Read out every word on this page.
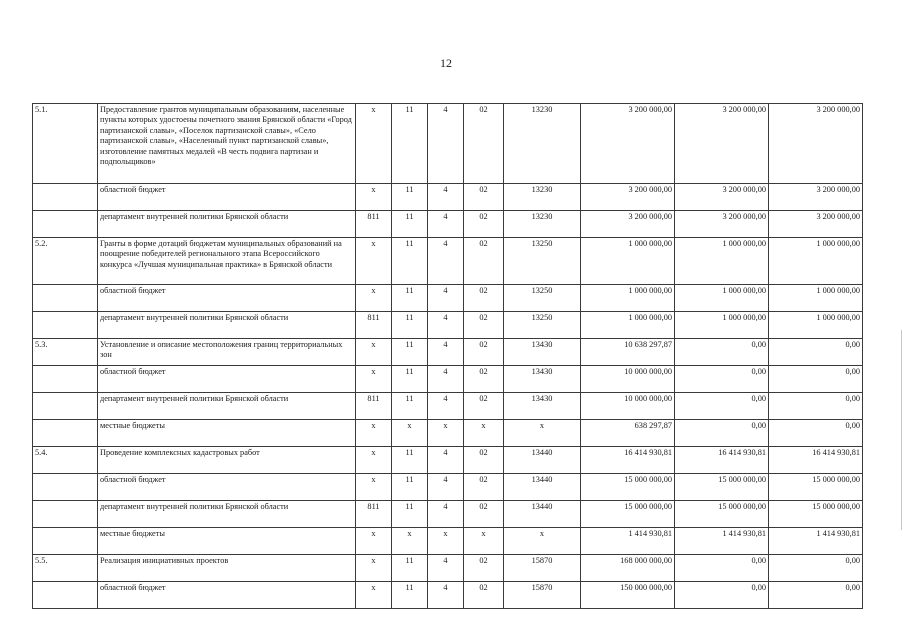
12
5.1.	Предоставление грантов муниципальным образованиям, населенные пункты которых удостоены почетного звания Брянской области «Город партизанской славы», «Поселок партизанской славы», «Село партизанской славы», «Населенный пункт партизанской славы», изготовление памятных медалей «В честь подвига партизан и подпольщиков»	х	11	4	02	13230	3 200 000,00	3 200 000,00	3 200 000,00
	областной бюджет	х	11	4	02	13230	3 200 000,00	3 200 000,00	3 200 000,00
	департамент внутренней политики Брянской области	811	11	4	02	13230	3 200 000,00	3 200 000,00	3 200 000,00
5.2.	Гранты в форме дотаций бюджетам муниципальных образований на поощрение победителей регионального этапа Всероссийского конкурса «Лучшая муниципальная практика» в Брянской области	х	11	4	02	13250	1 000 000,00	1 000 000,00	1 000 000,00
	областной бюджет	х	11	4	02	13250	1 000 000,00	1 000 000,00	1 000 000,00
	департамент внутренней политики Брянской области	811	11	4	02	13250	1 000 000,00	1 000 000,00	1 000 000,00
5.3.	Установление и описание местоположения границ территориальных зон	х	11	4	02	13430	10 638 297,87	0,00	0,00
	областной бюджет	х	11	4	02	13430	10 000 000,00	0,00	0,00
	департамент внутренней политики Брянской области	811	11	4	02	13430	10 000 000,00	0,00	0,00
	местные бюджеты	х	х	х	х	х	638 297,87	0,00	0,00
5.4.	Проведение комплексных кадастровых работ	х	11	4	02	13440	16 414 930,81	16 414 930,81	16 414 930,81
	областной бюджет	х	11	4	02	13440	15 000 000,00	15 000 000,00	15 000 000,00
	департамент внутренней политики Брянской области	811	11	4	02	13440	15 000 000,00	15 000 000,00	15 000 000,00
	местные бюджеты	х	х	х	х	х	1 414 930,81	1 414 930,81	1 414 930,81
5.5.	Реализация инициативных проектов	х	11	4	02	15870	168 000 000,00	0,00	0,00
	областной бюджет	х	11	4	02	15870	150 000 000,00	0,00	0,00
